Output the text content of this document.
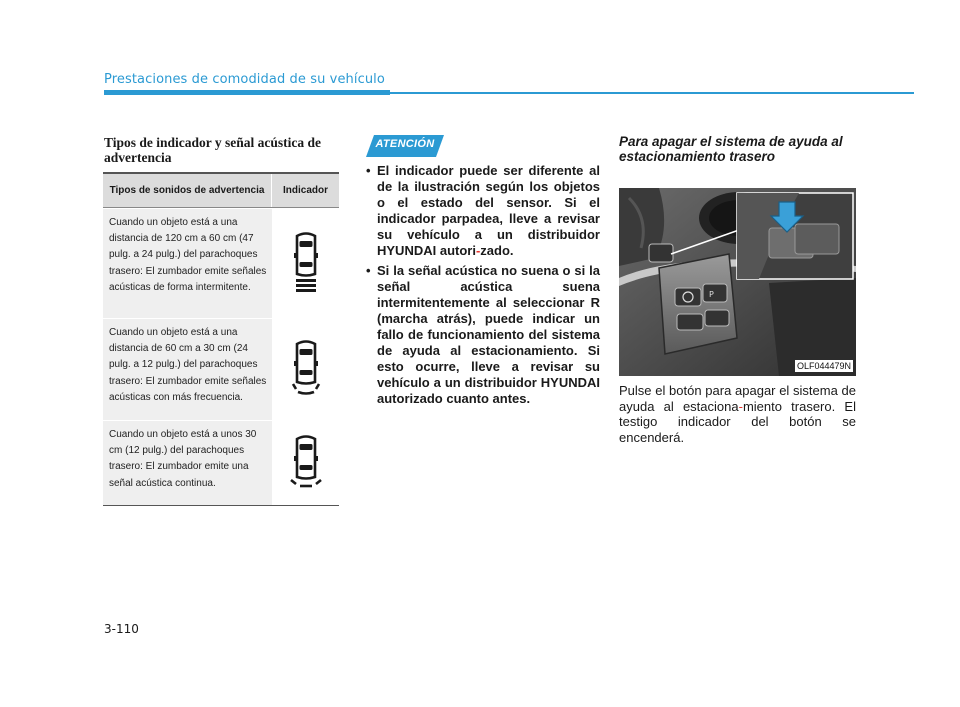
Prestaciones de comodidad de su vehículo
Tipos de indicador y señal acústica de advertencia
Tipos de sonidos de advertencia	Indicador
Cuando un objeto está a una distancia de 120 cm a 60 cm (47 pulg. a 24 pulg.) del parachoques trasero: El zumbador emite señales acústicas de forma intermitente.
Cuando un objeto está a una distancia de 60 cm a 30 cm (24 pulg. a 12 pulg.) del parachoques trasero: El zumbador emite señales acústicas con más frecuencia.
Cuando un objeto está a unos 30 cm (12 pulg.) del parachoques trasero: El zumbador emite una señal acústica continua.
ATENCIÓN
• El indicador puede ser diferente al de la ilustración según los objetos o el estado del sensor. Si el indicador parpadea, lleve a revisar su vehículo a un distribuidor HYUNDAI autori-zado.
• Si la señal acústica no suena o si la señal acústica suena intermitentemente al seleccionar R (marcha atrás), puede indicar un fallo de funcionamiento del sistema de ayuda al estacionamiento. Si esto ocurre, lleve a revisar su vehículo a un distribuidor HYUNDAI autorizado cuanto antes.
Para apagar el sistema de ayuda al estacionamiento trasero
P
OLF044479N
Pulse el botón para apagar el sistema de ayuda al estaciona-miento trasero. El testigo indicador del botón se encenderá.
3-110
